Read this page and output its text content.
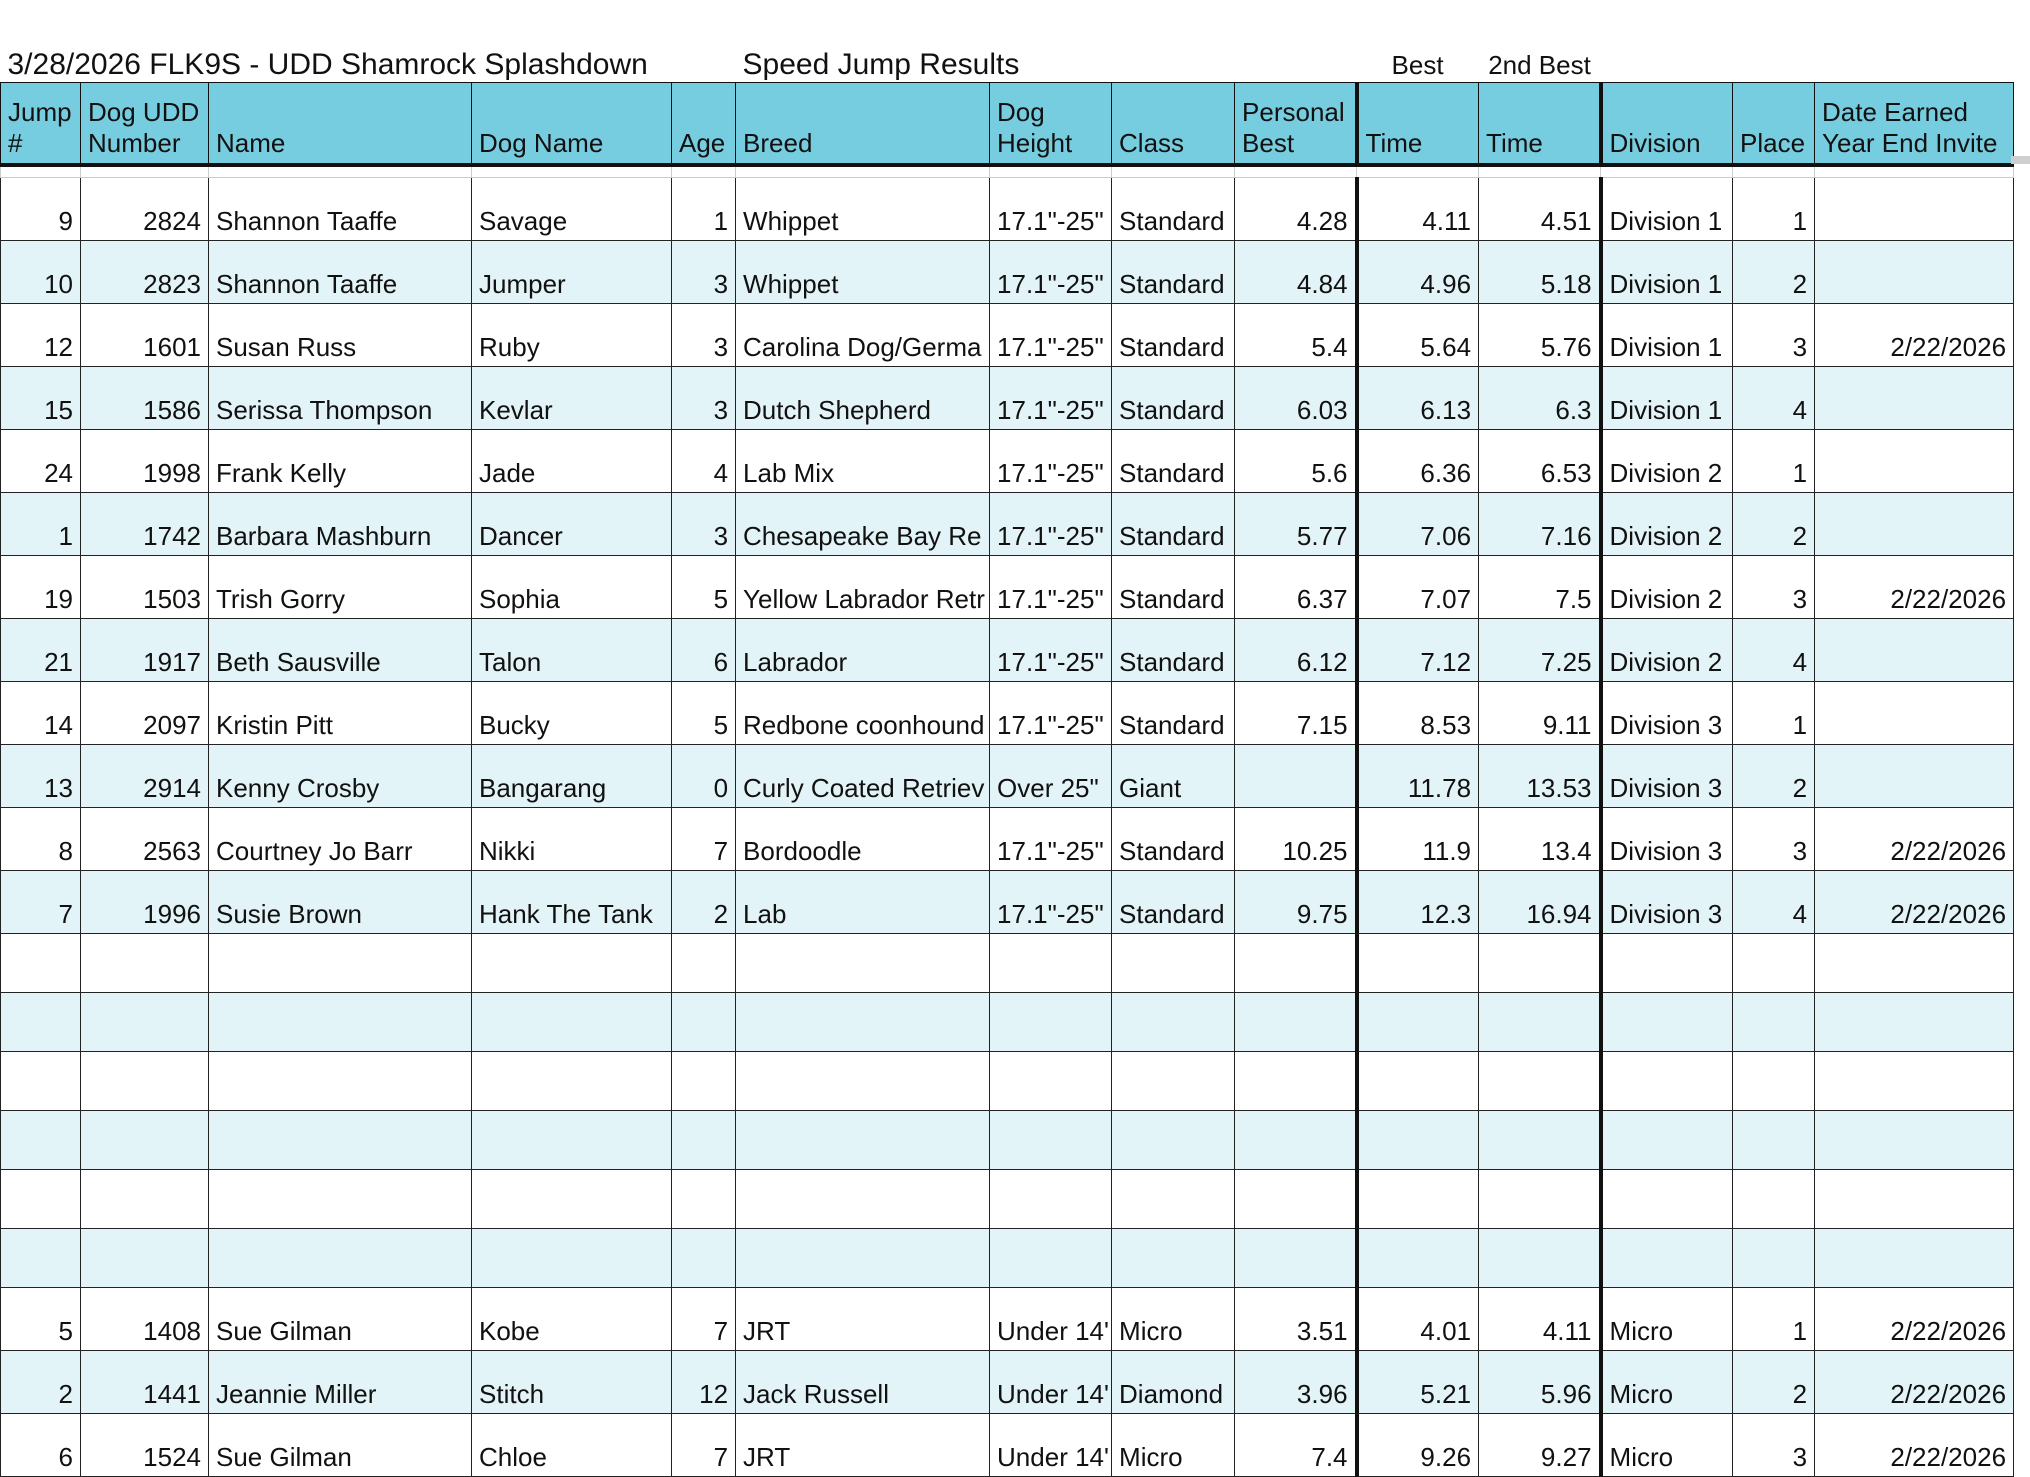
3/28/2026 FLK9S - UDD Shamrock Splashdown					Speed Jump Results				Best	2nd Best			
Jump #	Dog UDD Number	Name	Dog Name	Age	Breed	Dog Height	Class	Personal Best	Time	Time	Division	Place	Date Earned Year End Invite

9	2824	Shannon Taaffe	Savage	1	Whippet	17.1"-25"	Standard	4.28	4.11	4.51	Division 1	1	
10	2823	Shannon Taaffe	Jumper	3	Whippet	17.1"-25"	Standard	4.84	4.96	5.18	Division 1	2	
12	1601	Susan Russ	Ruby	3	Carolina Dog/Germa	17.1"-25"	Standard	5.4	5.64	5.76	Division 1	3	2/22/2026
15	1586	Serissa Thompson	Kevlar	3	Dutch Shepherd	17.1"-25"	Standard	6.03	6.13	6.3	Division 1	4	
24	1998	Frank Kelly	Jade	4	Lab Mix	17.1"-25"	Standard	5.6	6.36	6.53	Division 2	1	
1	1742	Barbara Mashburn	Dancer	3	Chesapeake Bay Re	17.1"-25"	Standard	5.77	7.06	7.16	Division 2	2	
19	1503	Trish Gorry	Sophia	5	Yellow Labrador Retr	17.1"-25"	Standard	6.37	7.07	7.5	Division 2	3	2/22/2026
21	1917	Beth Sausville	Talon	6	Labrador	17.1"-25"	Standard	6.12	7.12	7.25	Division 2	4	
14	2097	Kristin Pitt	Bucky	5	Redbone coonhound	17.1"-25"	Standard	7.15	8.53	9.11	Division 3	1	
13	2914	Kenny Crosby	Bangarang	0	Curly Coated Retriev	Over 25"	Giant		11.78	13.53	Division 3	2	
8	2563	Courtney Jo Barr	Nikki	7	Bordoodle	17.1"-25"	Standard	10.25	11.9	13.4	Division 3	3	2/22/2026
7	1996	Susie Brown	Hank The Tank	2	Lab	17.1"-25"	Standard	9.75	12.3	16.94	Division 3	4	2/22/2026

5	1408	Sue Gilman	Kobe	7	JRT	Under 14'	Micro	3.51	4.01	4.11	Micro	1	2/22/2026
2	1441	Jeannie Miller	Stitch	12	Jack Russell	Under 14'	Diamond	3.96	5.21	5.96	Micro	2	2/22/2026
6	1524	Sue Gilman	Chloe	7	JRT	Under 14'	Micro	7.4	9.26	9.27	Micro	3	2/22/2026
